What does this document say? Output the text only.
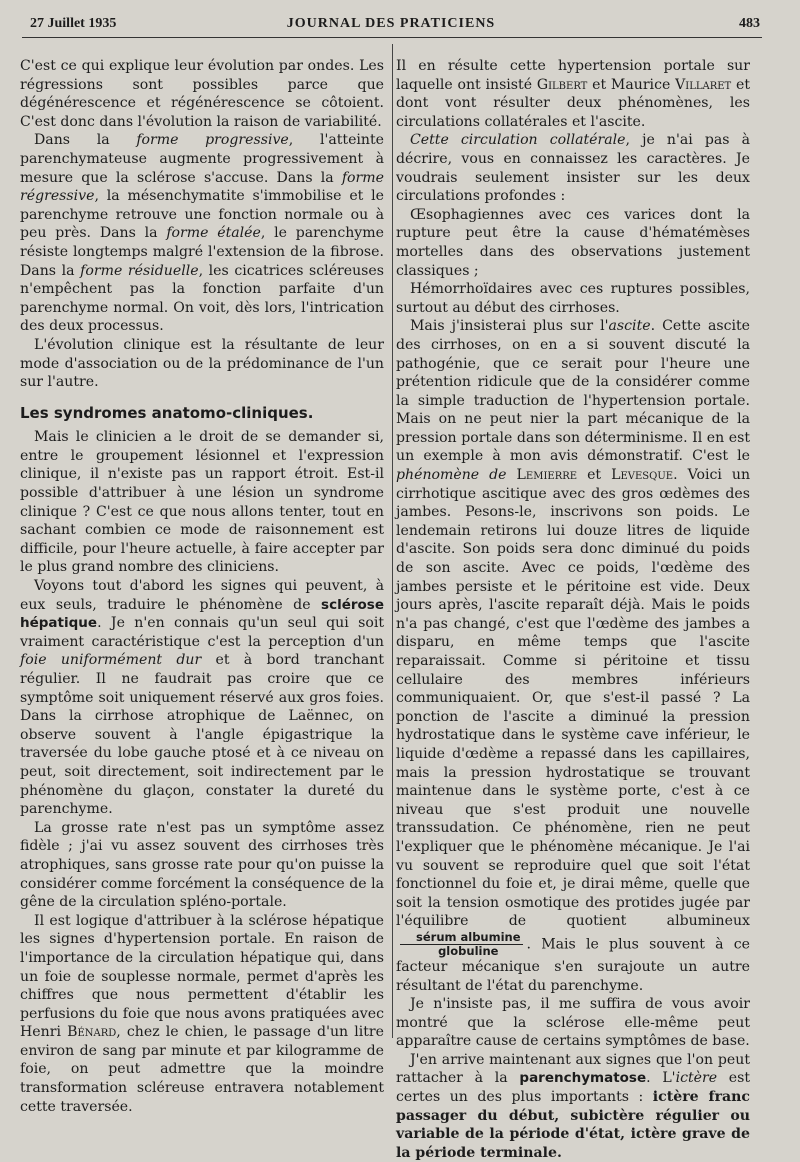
27 Juillet 1935	JOURNAL DES PRATICIENS	483

C'est ce qui explique leur évolution par ondes. Les régressions sont possibles parce que dégénérescence et régénérescence se côtoient. C'est donc dans l'évolution la raison de variabilité.

Dans la forme progressive, l'atteinte parenchymateuse augmente progressivement à mesure que la sclérose s'accuse. Dans la forme régressive, la mésenchymatite s'immobilise et le parenchyme retrouve une fonction normale ou à peu près. Dans la forme étalée, le parenchyme résiste longtemps malgré l'extension de la fibrose. Dans la forme résiduelle, les cicatrices scléreuses n'empêchent pas la fonction parfaite d'un parenchyme normal. On voit, dès lors, l'intrication des deux processus.

L'évolution clinique est la résultante de leur mode d'association ou de la prédominance de l'un sur l'autre.

Les syndromes anatomo-cliniques.

Mais le clinicien a le droit de se demander si, entre le groupement lésionnel et l'expression clinique, il n'existe pas un rapport étroit. Est-il possible d'attribuer à une lésion un syndrome clinique ? C'est ce que nous allons tenter, tout en sachant combien ce mode de raisonnement est difficile, pour l'heure actuelle, à faire accepter par le plus grand nombre des cliniciens.

Voyons tout d'abord les signes qui peuvent, à eux seuls, traduire le phénomène de sclérose hépatique. Je n'en connais qu'un seul qui soit vraiment caractéristique c'est la perception d'un foie uniformément dur et à bord tranchant régulier. Il ne faudrait pas croire que ce symptôme soit uniquement réservé aux gros foies. Dans la cirrhose atrophique de Laënnec, on observe souvent à l'angle épigastrique la traversée du lobe gauche ptosé et à ce niveau on peut, soit directement, soit indirectement par le phénomène du glaçon, constater la dureté du parenchyme.

La grosse rate n'est pas un symptôme assez fidèle ; j'ai vu assez souvent des cirrhoses très atrophiques, sans grosse rate pour qu'on puisse la considérer comme forcément la conséquence de la gêne de la circulation spléno-portale.

Il est logique d'attribuer à la sclérose hépatique les signes d'hypertension portale. En raison de l'importance de la circulation hépatique qui, dans un foie de souplesse normale, permet d'après les chiffres que nous permettent d'établir les perfusions du foie que nous avons pratiquées avec Henri Bénard, chez le chien, le passage d'un litre environ de sang par minute et par kilogramme de foie, on peut admettre que la moindre transformation scléreuse entravera notablement cette traversée.

Il en résulte cette hypertension portale sur laquelle ont insisté Gilbert et Maurice Villaret et dont vont résulter deux phénomènes, les circulations collatérales et l'ascite.

Cette circulation collatérale, je n'ai pas à décrire, vous en connaissez les caractères. Je voudrais seulement insister sur les deux circulations profondes :

Œsophagiennes avec ces varices dont la rupture peut être la cause d'hématémèses mortelles dans des observations justement classiques ;

Hémorrhoïdaires avec ces ruptures possibles, surtout au début des cirrhoses.

Mais j'insisterai plus sur l'ascite. Cette ascite des cirrhoses, on en a si souvent discuté la pathogénie, que ce serait pour l'heure une prétention ridicule que de la considérer comme la simple traduction de l'hypertension portale. Mais on ne peut nier la part mécanique de la pression portale dans son déterminisme. Il en est un exemple à mon avis démonstratif. C'est le phénomène de Lemierre et Levesque. Voici un cirrhotique ascitique avec des gros œdèmes des jambes. Pesons-le, inscrivons son poids. Le lendemain retirons lui douze litres de liquide d'ascite. Son poids sera donc diminué du poids de son ascite. Avec ce poids, l'œdème des jambes persiste et le péritoine est vide. Deux jours après, l'ascite reparaît déjà. Mais le poids n'a pas changé, c'est que l'œdème des jambes a disparu, en même temps que l'ascite reparaissait. Comme si péritoine et tissu cellulaire des membres inférieurs communiquaient. Or, que s'est-il passé ? La ponction de l'ascite a diminué la pression hydrostatique dans le système cave inférieur, le liquide d'œdème a repassé dans les capillaires, mais la pression hydrostatique se trouvant maintenue dans le système porte, c'est à ce niveau que s'est produit une nouvelle transsudation. Ce phénomène, rien ne peut l'expliquer que le phénomène mécanique. Je l'ai vu souvent se reproduire quel que soit l'état fonctionnel du foie et, je dirai même, quelle que soit la tension osmotique des protides jugée par l'équilibre de quotient albumineux
$\frac{\text{sérum albumine}}{\text{globuline}}$ . Mais le plus souvent à ce facteur mécanique s'en surajoute un autre résultant de l'état du parenchyme.

Je n'insiste pas, il me suffira de vous avoir montré que la sclérose elle-même peut apparaître cause de certains symptômes de base.

J'en arrive maintenant aux signes que l'on peut rattacher à la parenchymatose. L'ictère est certes un des plus importants : ictère franc passager du début, subictère régulier ou variable de la période d'état, ictère grave de la période terminale.
